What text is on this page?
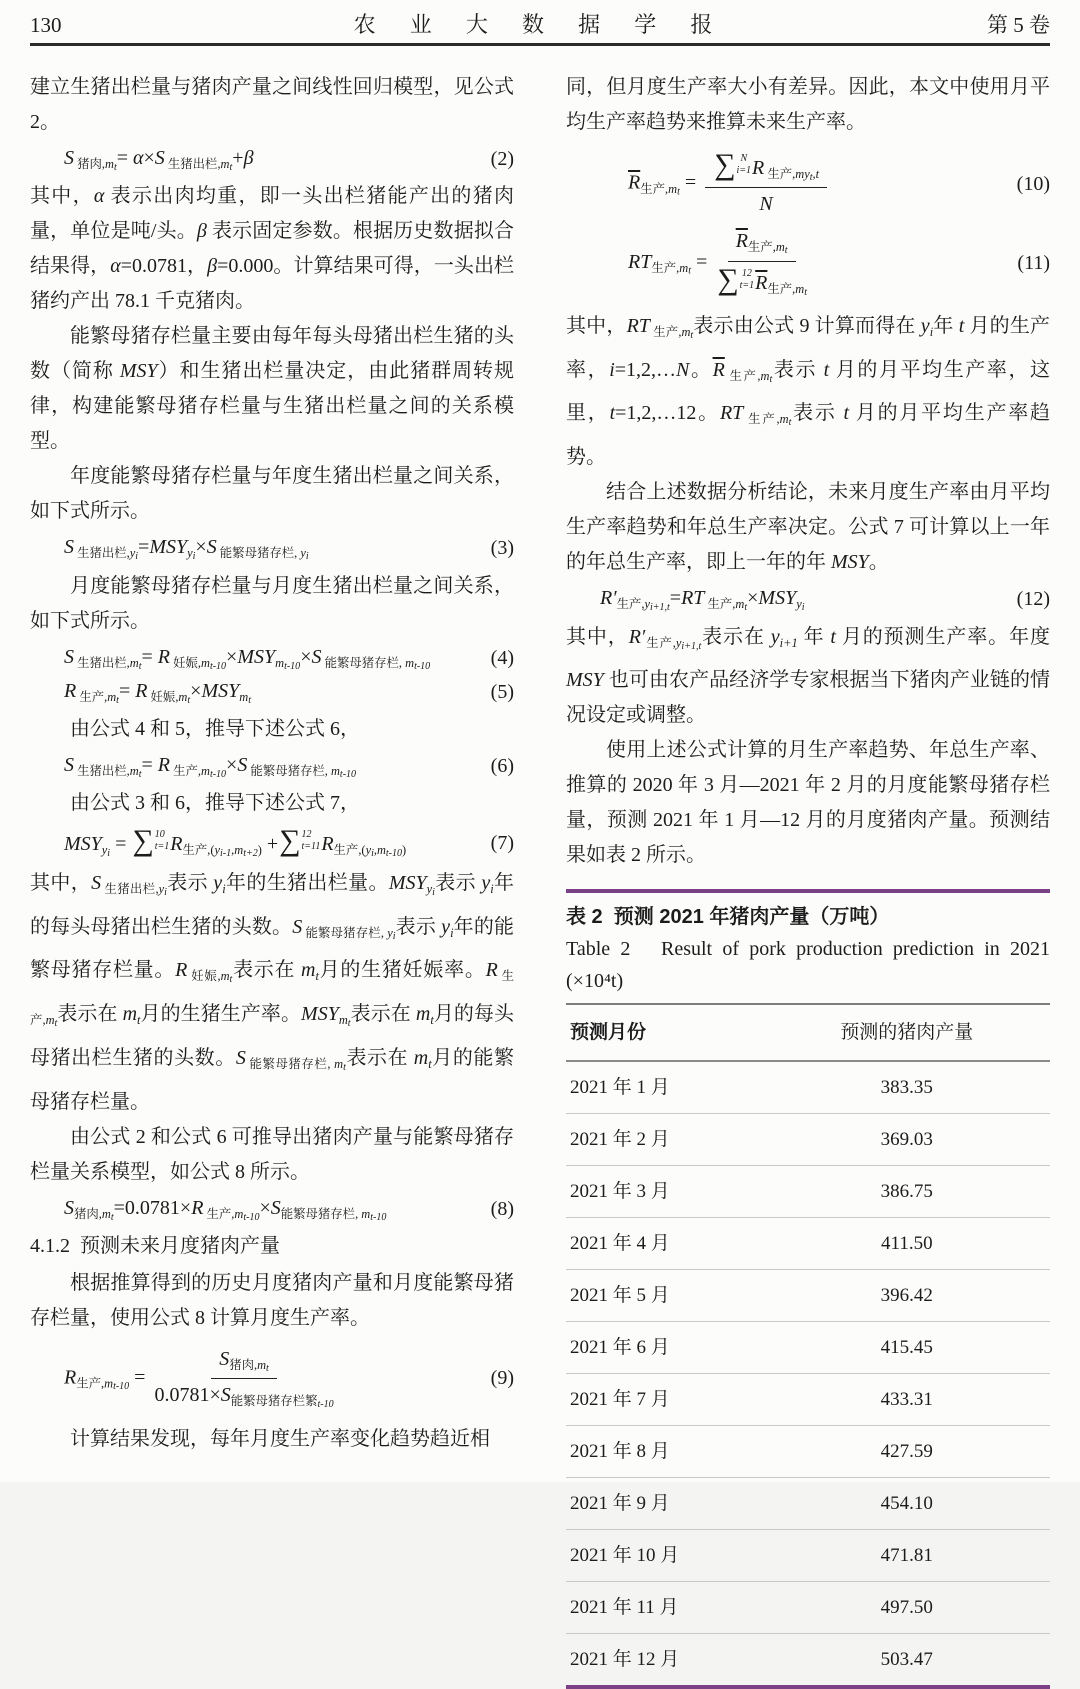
130	农 业 大 数 据 学 报	第 5 卷

建立生猪出栏量与猪肉产量之间线性回归模型，见公式 2。

S $_{猪肉,mt}$= α×S $_{生猪出栏,mt}$+β	(2)

其中，α 表示出肉均重，即一头出栏猪能产出的猪肉量，单位是吨/头。β 表示固定参数。根据历史数据拟合结果得，α=0.0781，β=0.000。计算结果可得，一头出栏猪约产出 78.1 千克猪肉。

能繁母猪存栏量主要由每年每头母猪出栏生猪的头数（简称 MSY）和生猪出栏量决定，由此猪群周转规律，构建能繁母猪存栏量与生猪出栏量之间的关系模型。

年度能繁母猪存栏量与年度生猪出栏量之间关系，如下式所示。

S $_{生猪出栏,yi}=MSY_{yi}\times S$ $_{能繁母猪存栏,}$ $_{yi}$	(3)

月度能繁母猪存栏量与月度生猪出栏量之间关系，如下式所示。

S $_{生猪出栏,mt}$= R $_{妊娠,mt-10}\times MSY_{mt-10}\times S$ $_{能繁母猪存栏,}$ $_{mt-10}$	(4)
R $_{生产,mt}$= R $_{妊娠,mt}\times MSY_{mt}$	(5)

由公式 4 和 5，推导下述公式 6，

S $_{生猪出栏,mt}$= R $_{生产,mt-10}$×S $_{能繁母猪存栏,}$ $_{mt-10}$	(6)

由公式 3 和 6，推导下述公式 7，

$MSY_{yi}$ = ∑ 10
t=1 $R_{生产,(yi-1,mt+2)}$ + ∑ 12
t=11 $R_{生产,(yi,mt-10)}$	(7)

其中，S $_{生猪出栏,yi}$表示 $y_i$年的生猪出栏量。$MSY_{yi}$表示 $y_i$年的每头母猪出栏生猪的头数。S $_{能繁母猪存栏,}$ $_{yi}$表示 $y_i$年的能繁母猪存栏量。R $_{妊娠,mt}$表示在 $m_t$月的生猪妊娠率。R $_{生产,mt}$表示在 $m_t$月的生猪生产率。$MSY_{mt}$表示在 $m_t$月的每头母猪出栏生猪的头数。S $_{能繁母猪存栏,}$ $_{mt}$表示在 $m_t$月的能繁母猪存栏量。

由公式 2 和公式 6 可推导出猪肉产量与能繁母猪存栏量关系模型，如公式 8 所示。

$S_{猪肉,mt}=0.0781\times R$ $_{生产,mt-10}\times S_{能繁母猪存栏,}$ $_{mt-10}$	(8)
4.1.2  预测未来月度猪肉产量

根据推算得到的历史月度猪肉产量和月度能繁母猪存栏量，使用公式 8 计算月度生产率。

$R_{生产,mt-10} = \frac{S_{猪肉,mt}}{0.0781\times S_{能繁母猪存栏繁t-10}}$	(9)

计算结果发现，每年月度生产率变化趋势趋近相

同，但月度生产率大小有差异。因此，本文中使用月平均生产率趋势来推算未来生产率。

$\overline{R}_{生产,mt}$ = ∑ N
i=1 R $_{生产,myt,t}$
N	(10)
$RT_{生产,mt} = \overline{R}_{生产,mt}$
∑ 12
t=1 $\overline{R}_{生产,mt}$	(11)

其中，RT $_{生产,mt}$表示由公式 9 计算而得在 $y_i$年 t 月的生产率，i=1,2,…N。$\overline{R}$ $_{生产,mt}$表示 t 月的月平均生产率，这里，t=1,2,…12。RT $_{生产,mt}$表示 t 月的月平均生产率趋势。

结合上述数据分析结论，未来月度生产率由月平均生产率趋势和年总生产率决定。公式 7 可计算以上一年的年总生产率，即上一年的年 MSY。

$R'_{生产,yi+1,t}=RT$ $_{生产,mt}\times MSY_{yi}$	(12)

其中，$R'_{生产,yi+1,t}$表示在 $y_{i+1}$ 年 t 月的预测生产率。年度 MSY 也可由农产品经济学专家根据当下猪肉产业链的情况设定或调整。

使用上述公式计算的月生产率趋势、年总生产率、推算的 2020 年 3 月—2021 年 2 月的月度能繁母猪存栏量，预测 2021 年 1 月—12 月的月度猪肉产量。预测结果如表 2 所示。

表 2  预测 2021 年猪肉产量（万吨）
Table 2   Result of pork production prediction in 2021 (×10⁴t)
预测月份	预测的猪肉产量
2021 年 1 月	383.35
2021 年 2 月	369.03
2021 年 3 月	386.75
2021 年 4 月	411.50
2021 年 5 月	396.42
2021 年 6 月	415.45
2021 年 7 月	433.31
2021 年 8 月	427.59
2021 年 9 月	454.10
2021 年 10 月	471.81
2021 年 11 月	497.50
2021 年 12 月	503.47
